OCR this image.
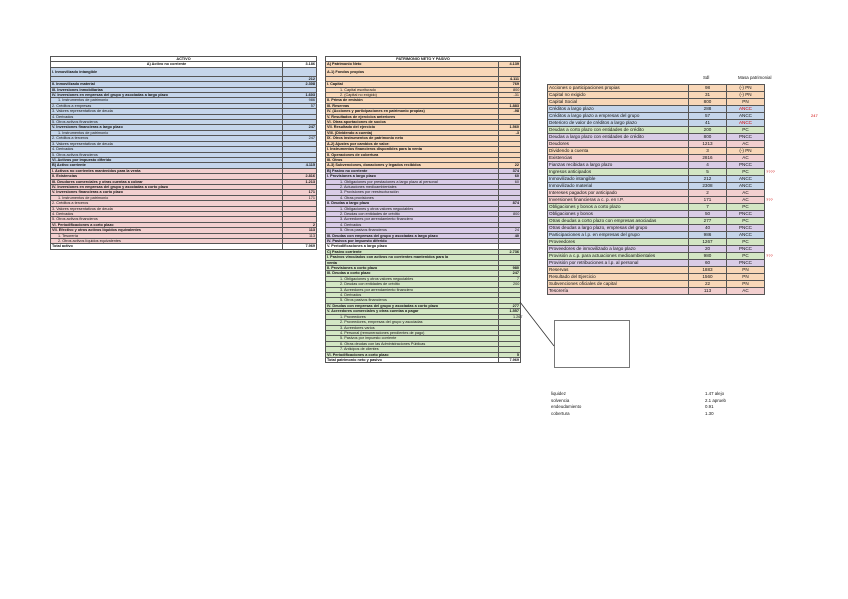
ACTIVO	
A) Activo no corriente	3.186
I. Inmovilizado intangible	
	212
II. Inmovilizado material	2.308
III. Inversiones inmobiliarias	
IV. Inversiones en empresas del grupo y asociadas a largo plazo	1.603
1. Instrumentos de patrimonio	986
2. Créditos a empresas	57
3. Valores representativos de deuda	
4. Derivados	
5. Otros activos financieros	
V. Inversiones financieras a largo plazo	247
1. Instrumentos de patrimonio	
2. Créditos a terceros	247
3. Valores representativos de deuda	
4. Derivados	
5. Otros activos financieros	
VI. Activos por impuesto diferido	
B) Activo corriente	4.115
I. Activos no corrientes mantenidos para la venta	
II. Existencias	2.816
III. Deudores comerciales y otras cuentas a cobrar	1.213
IV. Inversiones en empresas del grupo y asociadas a corto plazo	
V. Inversiones financieras a corto plazo	171
1. Instrumentos de patrimonio	171
2. Créditos a terceros	
3. Valores representativos de deuda	
4. Derivados	
5. Otros activos financieros	
VI. Periodificaciones a corto plazo	2
VII. Efectivo y otros activos líquidos equivalentes	113
1. Tesorería	113
2. Otros activos líquidos equivalentes	
Total activo	7.969
PATRIMONIO NETO Y PASIVO	
A) Patrimonio Neto	4.139
A-1) Fondos propios	
	4.111
I. Capital	769
1. Capital escriturado	800
2. (Capital no exigido)	-31
II. Prima de emisión	
III. Reservas	1.883
IV. (Acciones y participaciones en patrimonio propias)	-98
V. Resultados de ejercicios anteriores	
VI. Otras aportaciones de socios	
VII. Resultado del ejercicio	1.560
VIII. (Dividendo a cuenta)	-3
IX. Otros instrumentos de patrimonio neto	
A-2) Ajustes por cambios de valor:	
I. Instrumentos financieros disponibles para la venta	
II. Operaciones de cobertura	
III. Otros	
A-3) Subvenciones, donaciones y legados recibidos	22
B) Pasivo no corriente	374
I. Provisiones a largo plazo	60
1. Obligaciones por prestaciones a largo plazo al personal	60
2. Actuaciones medioambientales	
3. Provisiones por reestructuración	
4. Otras provisiones	
II. Deudas a largo plazo	874
1. Obligaciones y otros valores negociables	
2. Deudas con entidades de crédito	800
3. Acreedores por arrendamiento financiero	
4. Derivados	
5. Otros pasivos financieros	24
III. Deudas con empresas del grupo y asociadas a largo plazo	40
IV. Pasivos por impuesto diferido	
V. Periodificaciones a largo plazo	
C) Pasivo corriente	2.736
I. Pasivos vinculados con activos no corrientes mantenidos para la	
venta	
II. Provisiones a corto plazo	980
III. Deudas a corto plazo	247
1. Obligaciones y otros valores negociables	7
2. Deudas con entidades de crédito	200
3. Acreedores por arrendamiento financiero	
4. Derivados	
5. Otros pasivos financieros	
IV. Deudas con empresas del grupo y asociadas a corto plazo	277
V. Acreedores comerciales y otras cuentas a pagar	1.557
1. Proveedores	1.267
2. Proveedores, empresas del grupo y asociadas	
3. Acreedores varios	
4. Personal (remuneraciones pendientes de pago)	
5. Pasivos por impuesto corriente	
6. Otras deudas con las Administraciones Públicas	
7. Anticipos de clientes	
VI. Periodificaciones a corto plazo	5
Total patrimonio neto y pasivo	7.969
Sdl	Masa patrimonial
Acciones o participaciones propias	98	(-) PN
Capital no exigido	31	(-) PN
Capital Social	800	PN
Créditos a largo plazo	288	ANCC
Créditos a largo plazo a empresas del grupo	57	ANCC
Deterioro de valor de créditos a largo plazo	41	ANCC
Deudas a corto plazo con entidades de crédito	200	PC
Deudas a largo plazo con entidades de crédito	800	PNCC
Deudores	1213	AC
Dividendo a cuenta	3	(-) PN
Existencias	2816	AC
Fianzas recibidas a largo plazo	4	PNCC
Ingresos anticipados	5	PC
Inmovilizado intangible	212	ANCC
Inmovilizado material	2308	ANCC
Intereses pagados por anticipado	2	AC
Inversiones financieras a c. p. en I.P.	171	AC
Obligaciones y bonos a corto plazo	7	PC
Obligaciones y bonos	50	PNCC
Otras deudas a corto plazo con empresas asociadas	277	PC
Otras deudas a largo plazo, empresas del grupo	40	PNCC
Participaciones a l.p. en empresas del grupo	986	ANCC
Proveedores	1267	PC
Proveedores de inmovilizado a largo plazo	20	PNCC
Provisión a c.p. para actuaciones medioambientales	980	PC
Provisión por retribuciones a l.p. al personal	60	PNCC
Reservas	1883	PN
Resultado del Ejercicio	1560	PN
Subvenciones oficiales de capital	22	PN
Tesorería	113	AC
247
????
???
???
liquidez	1.47 alejo
solvencia	2.1 aprueb
endeudamiento	0.91
cobertura	1.30
